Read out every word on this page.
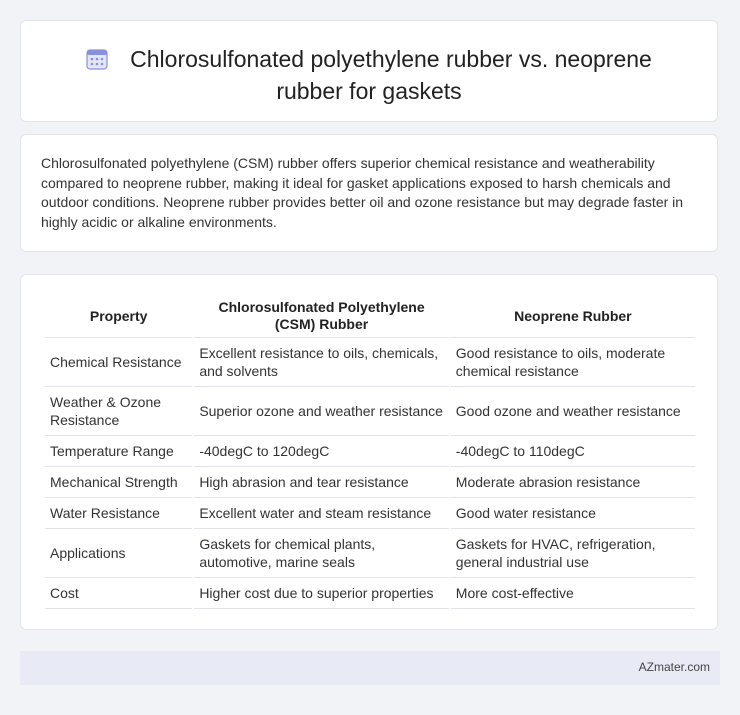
Chlorosulfonated polyethylene rubber vs. neoprene
rubber for gaskets

Chlorosulfonated polyethylene (CSM) rubber offers superior chemical resistance and weatherability compared to neoprene rubber, making it ideal for gasket applications exposed to harsh chemicals and outdoor conditions. Neoprene rubber provides better oil and ozone resistance but may degrade faster in highly acidic or alkaline environments.

Property	Chlorosulfonated Polyethylene (CSM) Rubber	Neoprene Rubber
Chemical Resistance	Excellent resistance to oils, chemicals, and solvents	Good resistance to oils, moderate chemical resistance
Weather & Ozone Resistance	Superior ozone and weather resistance	Good ozone and weather resistance
Temperature Range	-40degC to 120degC	-40degC to 110degC
Mechanical Strength	High abrasion and tear resistance	Moderate abrasion resistance
Water Resistance	Excellent water and steam resistance	Good water resistance
Applications	Gaskets for chemical plants, automotive, marine seals	Gaskets for HVAC, refrigeration, general industrial use
Cost	Higher cost due to superior properties	More cost-effective
AZmater.com
